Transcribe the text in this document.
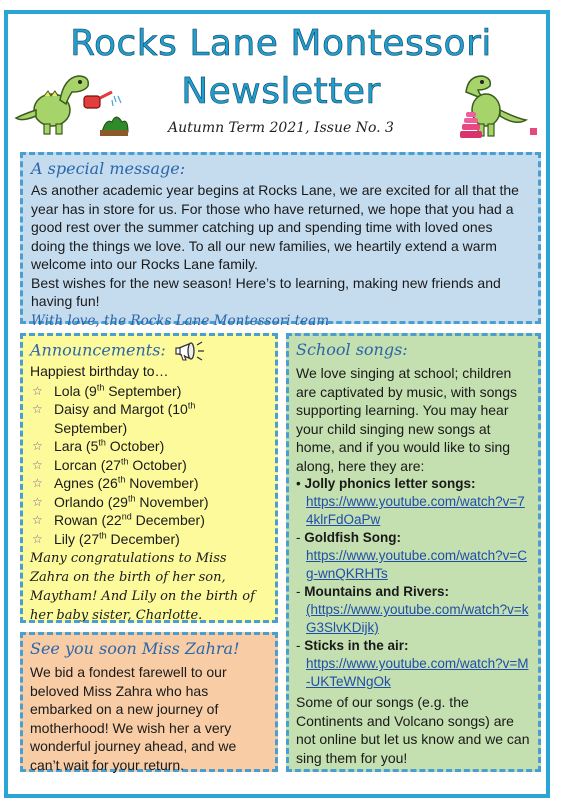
Rocks Lane Montessori
Newsletter
Autumn Term 2021, Issue No. 3
A special message:

As another academic year begins at Rocks Lane, we are excited for all that the year has in store for us. For those who have returned, we hope that you had a good rest over the summer catching up and spending time with loved ones doing the things we love. To all our new families, we heartily extend a warm welcome into our Rocks Lane family.

Best wishes for the new season! Here’s to learning, making new friends and having fun!

With love, the Rocks Lane Montessori team
Announcements:
Happiest birthday to…
☆ Lola (9th September)
☆ Daisy and Margot (10th September)
☆ Lara (5th October)
☆ Lorcan (27th October)
☆ Agnes (26th November)
☆ Orlando (29th November)
☆ Rowan (22nd December)
☆ Lily (27th December)
Many congratulations to Miss Zahra on the birth of her son, Maytham! And Lily on the birth of her baby sister, Charlotte.
See you soon Miss Zahra!

We bid a fondest farewell to our beloved Miss Zahra who has embarked on a new journey of motherhood! We wish her a very wonderful journey ahead, and we can’t wait for your return.

School songs:

We love singing at school; children are captivated by music, with songs supporting learning. You may hear your child singing new songs at home, and if you would like to sing along, here they are:

• Jolly phonics letter songs:
https://www.youtube.com/watch?v=74klrFdOaPw
- Goldfish Song:
https://www.youtube.com/watch?v=Cg-wnQKRHTs
- Mountains and Rivers:
(https://www.youtube.com/watch?v=kG3SlvKDijk)
- Sticks in the air:
https://www.youtube.com/watch?v=M-UKTeWNgOk

Some of our songs (e.g. the Continents and Volcano songs) are not online but let us know and we can sing them for you!
